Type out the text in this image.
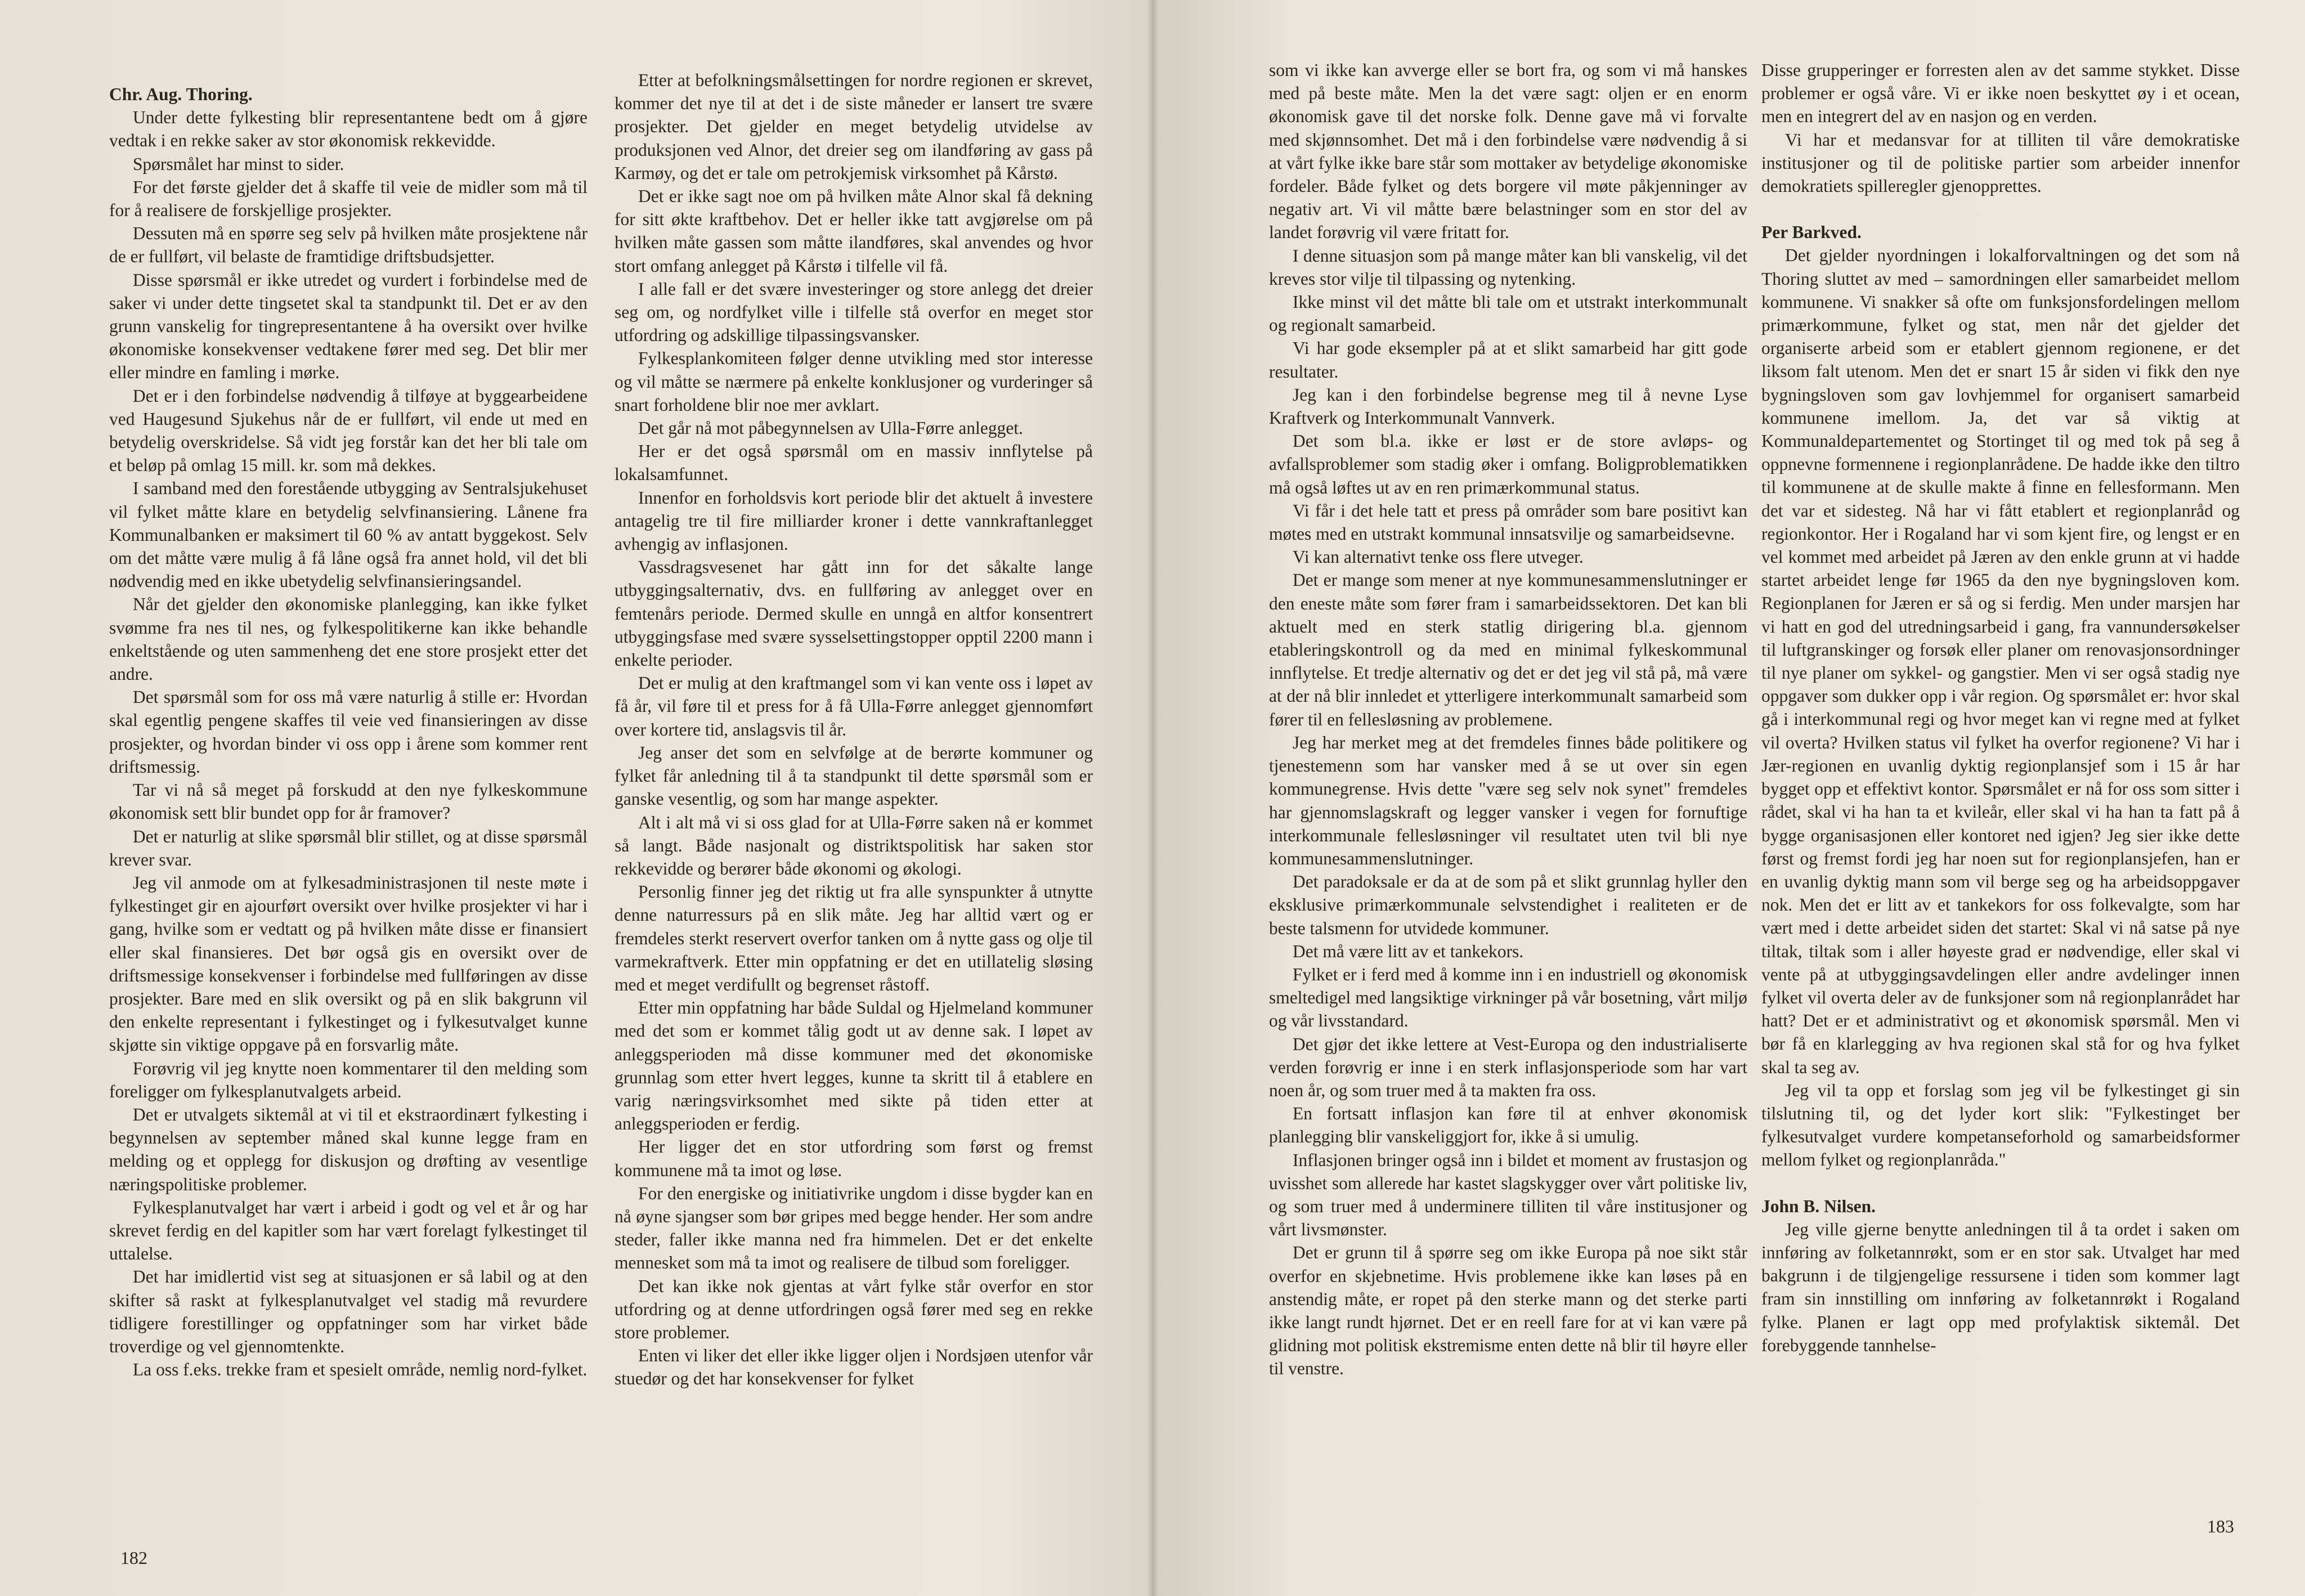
Chr. Aug. Thoring.

Under dette fylkesting blir representantene bedt om å gjøre vedtak i en rekke saker av stor økonomisk rekkevidde.

Spørsmålet har minst to sider.

For det første gjelder det å skaffe til veie de midler som må til for å realisere de forskjellige prosjekter.

Dessuten må en spørre seg selv på hvilken måte prosjektene når de er fullført, vil belaste de framtidige driftsbudsjetter.

Disse spørsmål er ikke utredet og vurdert i forbindelse med de saker vi under dette tingsetet skal ta standpunkt til. Det er av den grunn vanskelig for tingrepresentantene å ha oversikt over hvilke økonomiske konsekvenser vedtakene fører med seg. Det blir mer eller mindre en famling i mørke.

Det er i den forbindelse nødvendig å tilføye at byggearbeidene ved Haugesund Sjukehus når de er fullført, vil ende ut med en betydelig overskridelse. Så vidt jeg forstår kan det her bli tale om et beløp på omlag 15 mill. kr. som må dekkes.

I samband med den forestående utbygging av Sentralsjukehuset vil fylket måtte klare en betydelig selvfinansiering. Lånene fra Kommunalbanken er maksimert til 60 % av antatt byggekost. Selv om det måtte være mulig å få låne også fra annet hold, vil det bli nødvendig med en ikke ubetydelig selvfinansieringsandel.

Når det gjelder den økonomiske planlegging, kan ikke fylket svømme fra nes til nes, og fylkespolitikerne kan ikke behandle enkeltstående og uten sammenheng det ene store prosjekt etter det andre.

Det spørsmål som for oss må være naturlig å stille er: Hvordan skal egentlig pengene skaffes til veie ved finansieringen av disse prosjekter, og hvordan binder vi oss opp i årene som kommer rent driftsmessig.

Tar vi nå så meget på forskudd at den nye fylkeskommune økonomisk sett blir bundet opp for år framover?

Det er naturlig at slike spørsmål blir stillet, og at disse spørsmål krever svar.

Jeg vil anmode om at fylkesadministrasjonen til neste møte i fylkestinget gir en ajourført oversikt over hvilke prosjekter vi har i gang, hvilke som er vedtatt og på hvilken måte disse er finansiert eller skal finansieres. Det bør også gis en oversikt over de driftsmessige konsekvenser i forbindelse med fullføringen av disse prosjekter. Bare med en slik oversikt og på en slik bakgrunn vil den enkelte representant i fylkestinget og i fylkesutvalget kunne skjøtte sin viktige oppgave på en forsvarlig måte.

Forøvrig vil jeg knytte noen kommentarer til den melding som foreligger om fylkesplanutvalgets arbeid.

Det er utvalgets siktemål at vi til et ekstraordinært fylkesting i begynnelsen av september måned skal kunne legge fram en melding og et opplegg for diskusjon og drøfting av vesentlige næringspolitiske problemer.

Fylkesplanutvalget har vært i arbeid i godt og vel et år og har skrevet ferdig en del kapitler som har vært forelagt fylkestinget til uttalelse.

Det har imidlertid vist seg at situasjonen er så labil og at den skifter så raskt at fylkesplanutvalget vel stadig må revurdere tidligere forestillinger og oppfatninger som har virket både troverdige og vel gjennomtenkte.

La oss f.eks. trekke fram et spesielt område, nemlig nord-fylket.

Etter at befolkningsmålsettingen for nordre regionen er skrevet, kommer det nye til at det i de siste måneder er lansert tre svære prosjekter. Det gjelder en meget betydelig utvidelse av produksjonen ved Alnor, det dreier seg om ilandføring av gass på Karmøy, og det er tale om petrokjemisk virksomhet på Kårstø.

Det er ikke sagt noe om på hvilken måte Alnor skal få dekning for sitt økte kraftbehov. Det er heller ikke tatt avgjørelse om på hvilken måte gassen som måtte ilandføres, skal anvendes og hvor stort omfang anlegget på Kårstø i tilfelle vil få.

I alle fall er det svære investeringer og store anlegg det dreier seg om, og nordfylket ville i tilfelle stå overfor en meget stor utfordring og adskillige tilpassingsvansker.

Fylkesplankomiteen følger denne utvikling med stor interesse og vil måtte se nærmere på enkelte konklusjoner og vurderinger så snart forholdene blir noe mer avklart.

Det går nå mot påbegynnelsen av Ulla-Førre anlegget.

Her er det også spørsmål om en massiv innflytelse på lokalsamfunnet.

Innenfor en forholdsvis kort periode blir det aktuelt å investere antagelig tre til fire milliarder kroner i dette vannkraftanlegget avhengig av inflasjonen.

Vassdragsvesenet har gått inn for det såkalte lange utbyggingsalternativ, dvs. en fullføring av anlegget over en femtenårs periode. Dermed skulle en unngå en altfor konsentrert utbyggingsfase med svære sysselsettingstopper opptil 2200 mann i enkelte perioder.

Det er mulig at den kraftmangel som vi kan vente oss i løpet av få år, vil føre til et press for å få Ulla-Førre anlegget gjennomført over kortere tid, anslagsvis til år.

Jeg anser det som en selvfølge at de berørte kommuner og fylket får anledning til å ta standpunkt til dette spørsmål som er ganske vesentlig, og som har mange aspekter.

Alt i alt må vi si oss glad for at Ulla-Førre saken nå er kommet så langt. Både nasjonalt og distriktspolitisk har saken stor rekkevidde og berører både økonomi og økologi.

Personlig finner jeg det riktig ut fra alle synspunkter å utnytte denne naturressurs på en slik måte. Jeg har alltid vært og er fremdeles sterkt reservert overfor tanken om å nytte gass og olje til varmekraftverk. Etter min oppfatning er det en utillatelig sløsing med et meget verdifullt og begrenset råstoff.

Etter min oppfatning har både Suldal og Hjelmeland kommuner med det som er kommet tålig godt ut av denne sak. I løpet av anleggsperioden må disse kommuner med det økonomiske grunnlag som etter hvert legges, kunne ta skritt til å etablere en varig næringsvirksomhet med sikte på tiden etter at anleggsperioden er ferdig.

Her ligger det en stor utfordring som først og fremst kommunene må ta imot og løse.

For den energiske og initiativrike ungdom i disse bygder kan en nå øyne sjangser som bør gripes med begge hender. Her som andre steder, faller ikke manna ned fra himmelen. Det er det enkelte mennesket som må ta imot og realisere de tilbud som foreligger.

Det kan ikke nok gjentas at vårt fylke står overfor en stor utfordring og at denne utfordringen også fører med seg en rekke store problemer.

Enten vi liker det eller ikke ligger oljen i Nordsjøen utenfor vår stuedør og det har konsekvenser for fylket

182

som vi ikke kan avverge eller se bort fra, og som vi må hanskes med på beste måte. Men la det være sagt: oljen er en enorm økonomisk gave til det norske folk. Denne gave må vi forvalte med skjønnsomhet. Det må i den forbindelse være nødvendig å si at vårt fylke ikke bare står som mottaker av betydelige økonomiske fordeler. Både fylket og dets borgere vil møte påkjenninger av negativ art. Vi vil måtte bære belastninger som en stor del av landet forøvrig vil være fritatt for.

I denne situasjon som på mange måter kan bli vanskelig, vil det kreves stor vilje til tilpassing og nytenking.

Ikke minst vil det måtte bli tale om et utstrakt interkommunalt og regionalt samarbeid.

Vi har gode eksempler på at et slikt samarbeid har gitt gode resultater.

Jeg kan i den forbindelse begrense meg til å nevne Lyse Kraftverk og Interkommunalt Vannverk.

Det som bl.a. ikke er løst er de store avløps- og avfallsproblemer som stadig øker i omfang. Boligproblematikken må også løftes ut av en ren primærkommunal status.

Vi får i det hele tatt et press på områder som bare positivt kan møtes med en utstrakt kommunal innsatsvilje og samarbeidsevne.

Vi kan alternativt tenke oss flere utveger.

Det er mange som mener at nye kommunesammenslutninger er den eneste måte som fører fram i samarbeidssektoren. Det kan bli aktuelt med en sterk statlig dirigering bl.a. gjennom etableringskontroll og da med en minimal fylkeskommunal innflytelse. Et tredje alternativ og det er det jeg vil stå på, må være at der nå blir innledet et ytterligere interkommunalt samarbeid som fører til en fellesløsning av problemene.

Jeg har merket meg at det fremdeles finnes både politikere og tjenestemenn som har vansker med å se ut over sin egen kommunegrense. Hvis dette "være seg selv nok synet" fremdeles har gjennomslagskraft og legger vansker i vegen for fornuftige interkommunale fellesløsninger vil resultatet uten tvil bli nye kommunesammenslutninger.

Det paradoksale er da at de som på et slikt grunnlag hyller den eksklusive primærkommunale selvstendighet i realiteten er de beste talsmenn for utvidede kommuner.

Det må være litt av et tankekors.

Fylket er i ferd med å komme inn i en industriell og økonomisk smeltedigel med langsiktige virkninger på vår bosetning, vårt miljø og vår livsstandard.

Det gjør det ikke lettere at Vest-Europa og den industrialiserte verden forøvrig er inne i en sterk inflasjonsperiode som har vart noen år, og som truer med å ta makten fra oss.

En fortsatt inflasjon kan føre til at enhver økonomisk planlegging blir vanskeliggjort for, ikke å si umulig.

Inflasjonen bringer også inn i bildet et moment av frustasjon og uvisshet som allerede har kastet slagskygger over vårt politiske liv, og som truer med å underminere tilliten til våre institusjoner og vårt livsmønster.

Det er grunn til å spørre seg om ikke Europa på noe sikt står overfor en skjebnetime. Hvis problemene ikke kan løses på en anstendig måte, er ropet på den sterke mann og det sterke parti ikke langt rundt hjørnet. Det er en reell fare for at vi kan være på glidning mot politisk ekstremisme enten dette nå blir til høyre eller til venstre.

Disse grupperinger er forresten alen av det samme stykket. Disse problemer er også våre. Vi er ikke noen beskyttet øy i et ocean, men en integrert del av en nasjon og en verden.

Vi har et medansvar for at tilliten til våre demokratiske institusjoner og til de politiske partier som arbeider innenfor demokratiets spilleregler gjenopprettes.

Per Barkved.

Det gjelder nyordningen i lokalforvaltningen og det som nå Thoring sluttet av med – samordningen eller samarbeidet mellom kommunene. Vi snakker så ofte om funksjonsfordelingen mellom primærkommune, fylket og stat, men når det gjelder det organiserte arbeid som er etablert gjennom regionene, er det liksom falt utenom. Men det er snart 15 år siden vi fikk den nye bygningsloven som gav lovhjemmel for organisert samarbeid kommunene imellom. Ja, det var så viktig at Kommunaldepartementet og Stortinget til og med tok på seg å oppnevne formennene i regionplanrådene. De hadde ikke den tiltro til kommunene at de skulle makte å finne en fellesformann. Men det var et sidesteg. Nå har vi fått etablert et regionplanråd og regionkontor. Her i Rogaland har vi som kjent fire, og lengst er en vel kommet med arbeidet på Jæren av den enkle grunn at vi hadde startet arbeidet lenge før 1965 da den nye bygningsloven kom. Regionplanen for Jæren er så og si ferdig. Men under marsjen har vi hatt en god del utredningsarbeid i gang, fra vannundersøkelser til luftgranskinger og forsøk eller planer om renovasjonsordninger til nye planer om sykkel- og gangstier. Men vi ser også stadig nye oppgaver som dukker opp i vår region. Og spørsmålet er: hvor skal gå i interkommunal regi og hvor meget kan vi regne med at fylket vil overta? Hvilken status vil fylket ha overfor regionene? Vi har i Jær-regionen en uvanlig dyktig regionplansjef som i 15 år har bygget opp et effektivt kontor. Spørsmålet er nå for oss som sitter i rådet, skal vi ha han ta et kvileår, eller skal vi ha han ta fatt på å bygge organisasjonen eller kontoret ned igjen? Jeg sier ikke dette først og fremst fordi jeg har noen sut for regionplansjefen, han er en uvanlig dyktig mann som vil berge seg og ha arbeidsoppgaver nok. Men det er litt av et tankekors for oss folkevalgte, som har vært med i dette arbeidet siden det startet: Skal vi nå satse på nye tiltak, tiltak som i aller høyeste grad er nødvendige, eller skal vi vente på at utbyggingsavdelingen eller andre avdelinger innen fylket vil overta deler av de funksjoner som nå regionplanrådet har hatt? Det er et administrativt og et økonomisk spørsmål. Men vi bør få en klarlegging av hva regionen skal stå for og hva fylket skal ta seg av.

Jeg vil ta opp et forslag som jeg vil be fylkestinget gi sin tilslutning til, og det lyder kort slik: "Fylkestinget ber fylkesutvalget vurdere kompetanseforhold og samarbeidsformer mellom fylket og regionplanråda."

John B. Nilsen.

Jeg ville gjerne benytte anledningen til å ta ordet i saken om innføring av folketannrøkt, som er en stor sak. Utvalget har med bakgrunn i de tilgjengelige ressursene i tiden som kommer lagt fram sin innstilling om innføring av folketannrøkt i Rogaland fylke. Planen er lagt opp med profylaktisk siktemål. Det forebyggende tannhelse-

183
